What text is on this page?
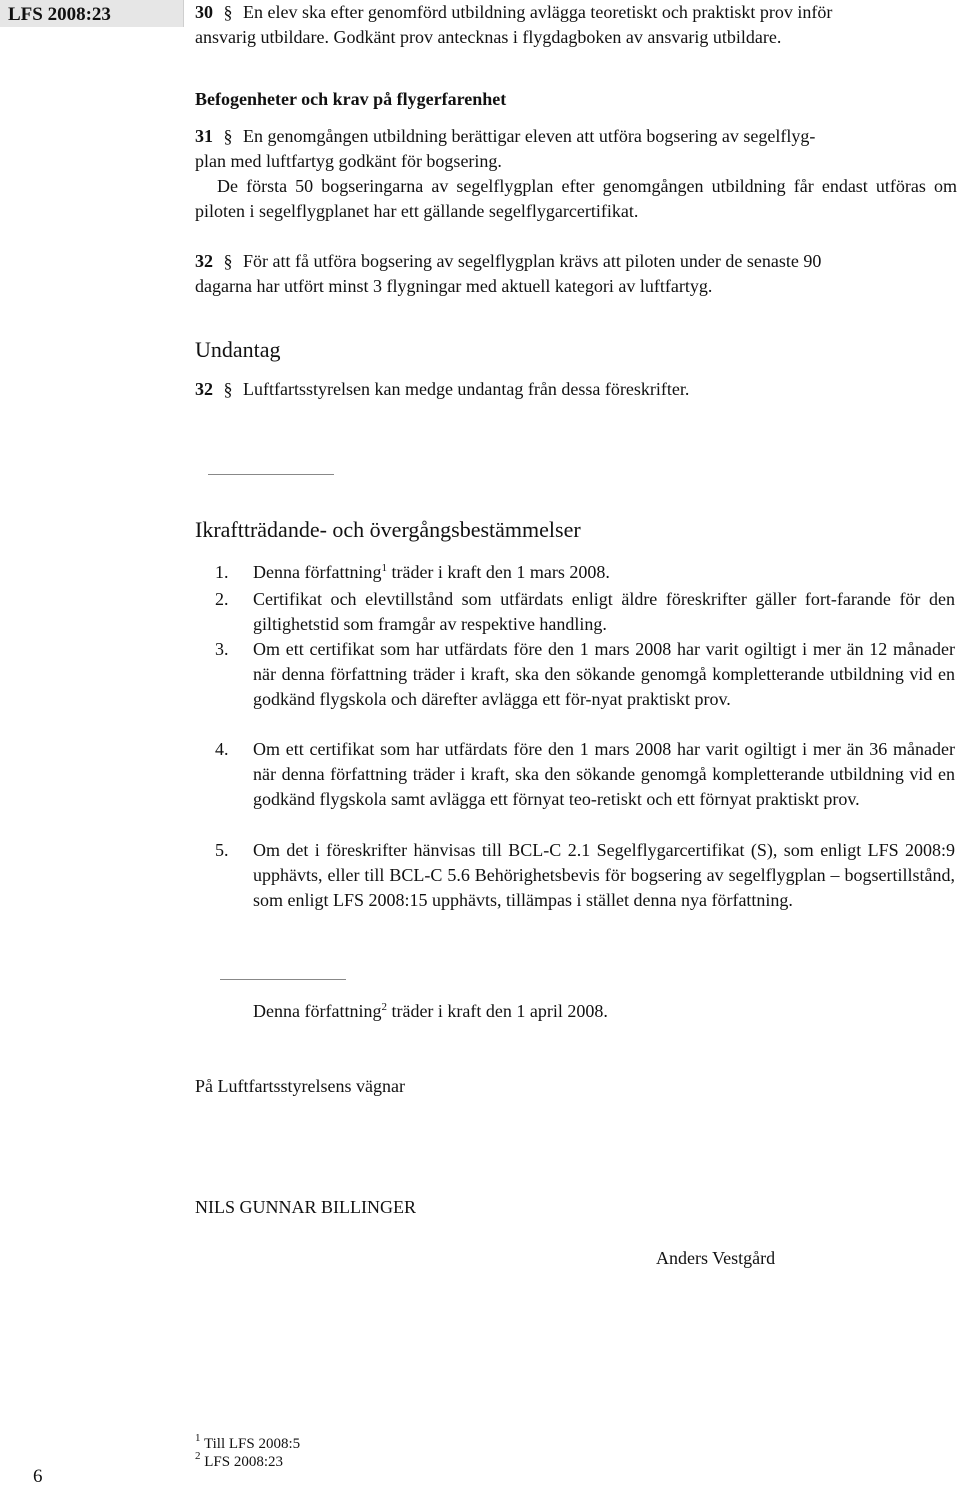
LFS 2008:23	30 § En elev ska efter genomförd utbildning avlägga teoretiskt och praktiskt prov inför
ansvarig utbildare. Godkänt prov antecknas i flygdagboken av ansvarig utbildare.
Befogenheter och krav på flygerfarenhet
31 § En genomgången utbildning berättigar eleven att utföra bogsering av segelflyg-
plan med luftfartyg godkänt för bogsering.
De första 50 bogseringarna av segelflygplan efter genomgången utbildning får endast utföras om piloten i segelflygplanet har ett gällande segelflygarcertifikat.
32 § För att få utföra bogsering av segelflygplan krävs att piloten under de senaste 90
dagarna har utfört minst 3 flygningar med aktuell kategori av luftfartyg.
Undantag
32 § Luftfartsstyrelsen kan medge undantag från dessa föreskrifter.
Ikraftträdande- och övergångsbestämmelser
1. Denna författning$^1$ träder i kraft den 1 mars 2008.
2. Certifikat och elevtillstånd som utfärdats enligt äldre föreskrifter gäller fort-farande för den giltighetstid som framgår av respektive handling.
3. Om ett certifikat som har utfärdats före den 1 mars 2008 har varit ogiltigt i mer än 12 månader när denna författning träder i kraft, ska den sökande genomgå kompletterande utbildning vid en godkänd flygskola och därefter avlägga ett för-nyat praktiskt prov.
4. Om ett certifikat som har utfärdats före den 1 mars 2008 har varit ogiltigt i mer än 36 månader när denna författning träder i kraft, ska den sökande genomgå kompletterande utbildning vid en godkänd flygskola samt avlägga ett förnyat teo-retiskt och ett förnyat praktiskt prov.
5. Om det i föreskrifter hänvisas till BCL-C 2.1 Segelflygarcertifikat (S), som enligt LFS 2008:9 upphävts, eller till BCL-C 5.6 Behörighetsbevis för bogsering av segelflygplan – bogsertillstånd, som enligt LFS 2008:15 upphävts, tillämpas i stället denna nya författning.
Denna författning$^2$ träder i kraft den 1 april 2008.
På Luftfartsstyrelsens vägnar
NILS GUNNAR BILLINGER
Anders Vestgård
$^1$ Till LFS 2008:5
$^2$ LFS 2008:23
6
